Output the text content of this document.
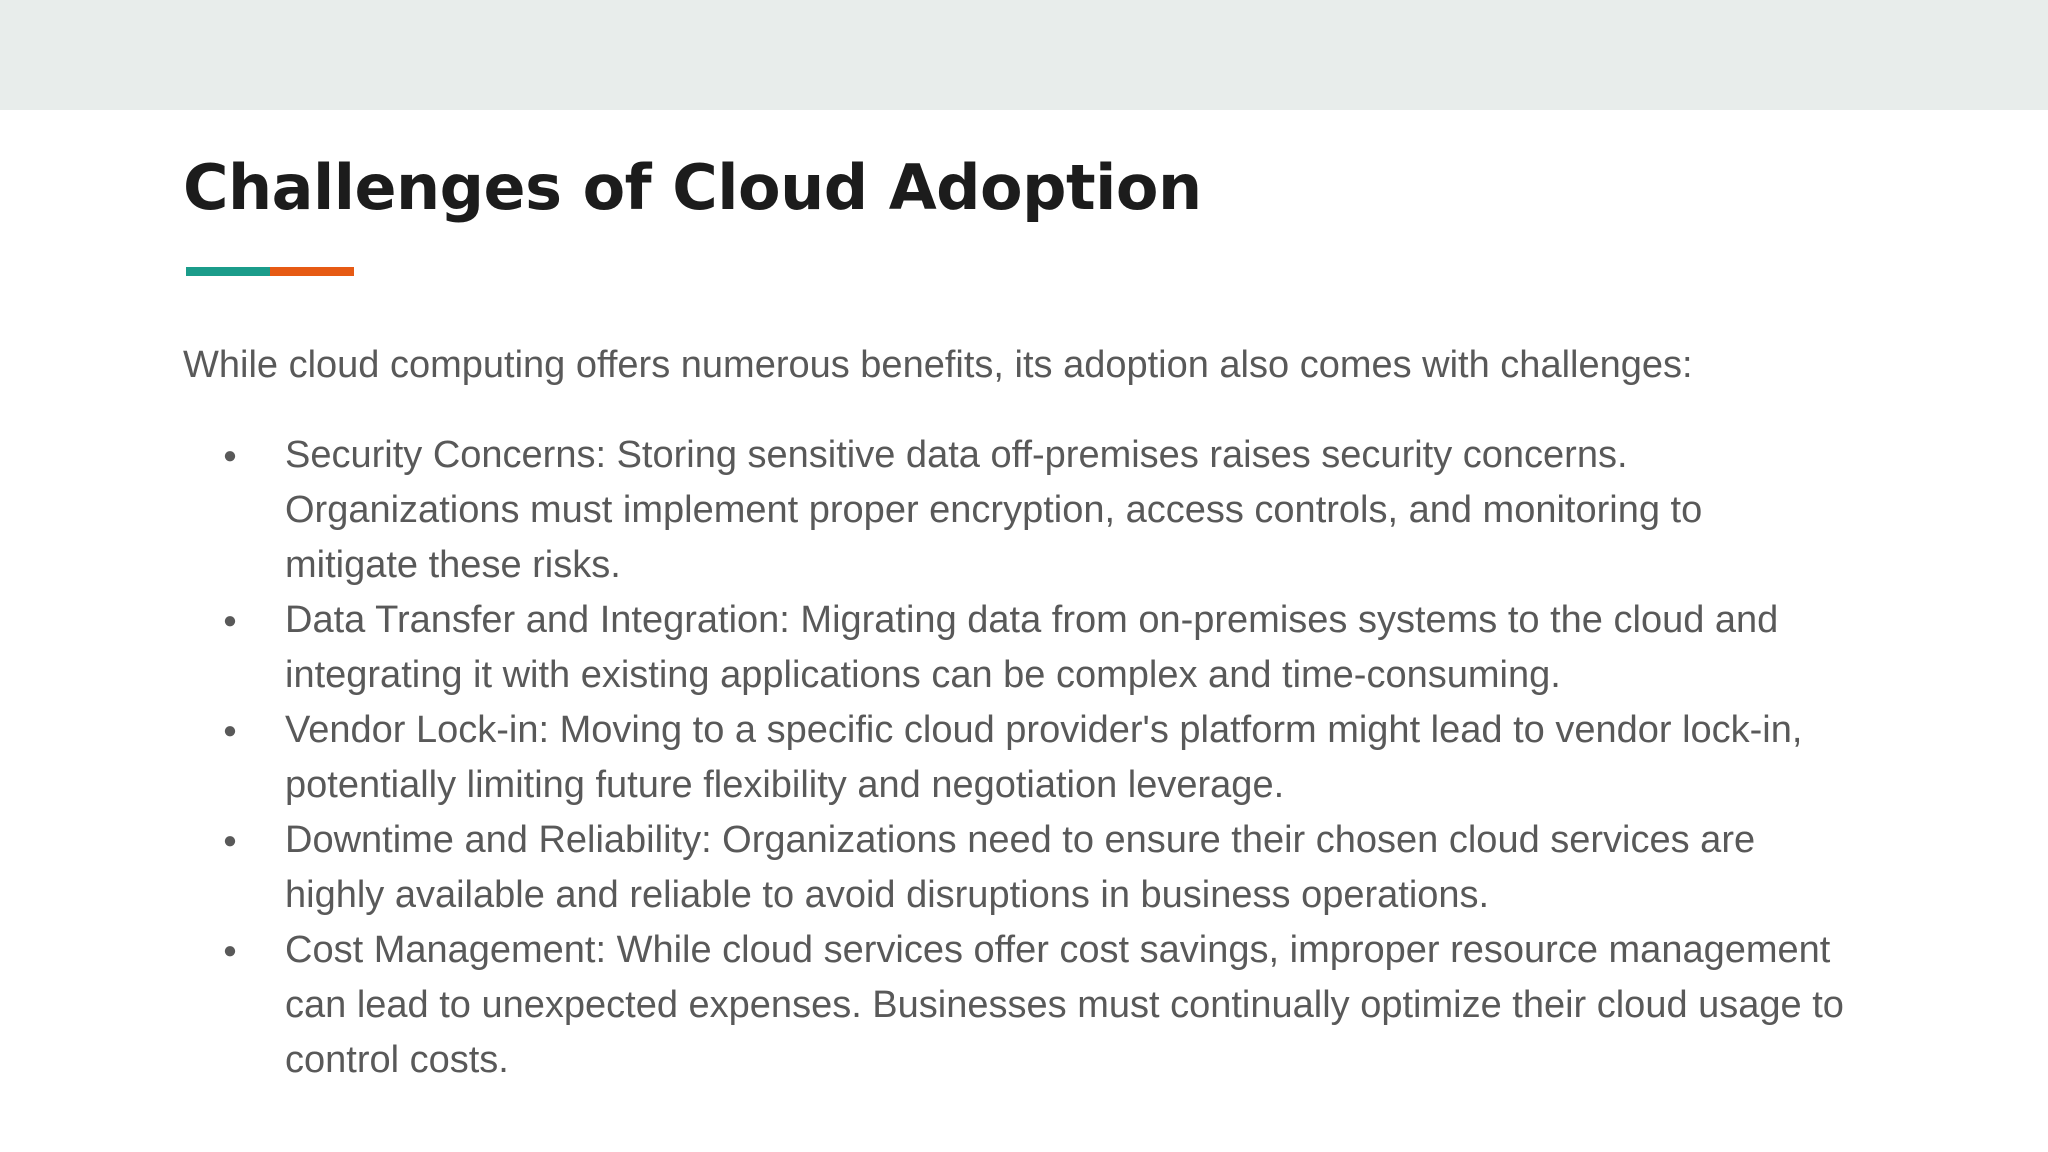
Challenges of Cloud Adoption

While cloud computing offers numerous benefits, its adoption also comes with challenges:

● Security Concerns: Storing sensitive data off-premises raises security concerns.
Organizations must implement proper encryption, access controls, and monitoring to
mitigate these risks.
● Data Transfer and Integration: Migrating data from on-premises systems to the cloud and
integrating it with existing applications can be complex and time-consuming.
● Vendor Lock-in: Moving to a specific cloud provider's platform might lead to vendor lock-in,
potentially limiting future flexibility and negotiation leverage.
● Downtime and Reliability: Organizations need to ensure their chosen cloud services are
highly available and reliable to avoid disruptions in business operations.
● Cost Management: While cloud services offer cost savings, improper resource management
can lead to unexpected expenses. Businesses must continually optimize their cloud usage to
control costs.
